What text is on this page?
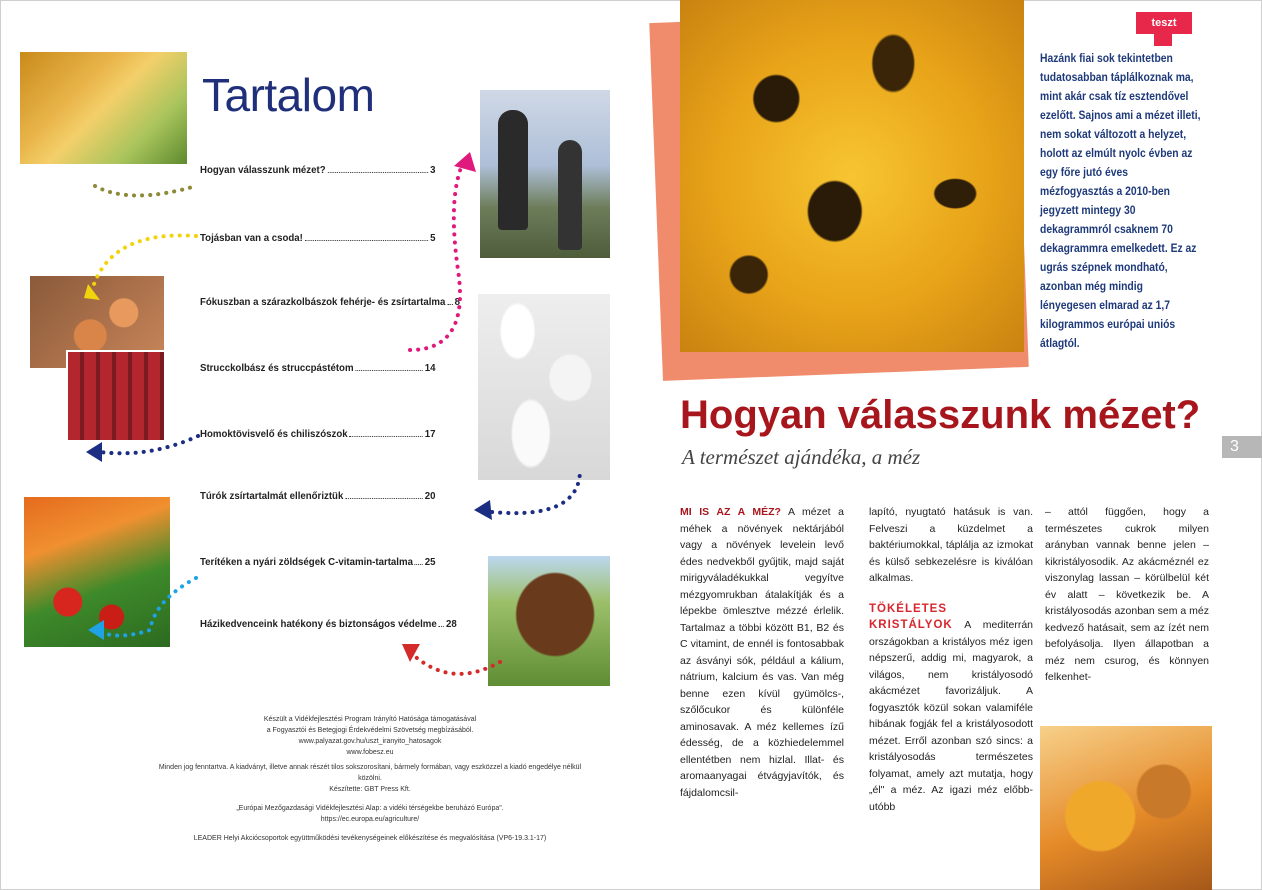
Tartalom
Hogyan válasszunk mézet?	3
Tojásban van a csoda!	5
Fókuszban a szárazkolbászok fehérje- és zsírtartalma 8
Strucckolbász és struccpástétom	14
Homoktövisvelő és chiliszószok	17
Túrók zsírtartalmát ellenőriztük	20
Terítéken a nyári zöldségek C-vitamin-tartalma 25
Házikedvenceink hatékony és biztonságos védelme 28
Készült a Vidékfejlesztési Program Irányító Hatósága támogatásával
a Fogyasztói és Betegjogi Érdekvédelmi Szövetség megbízásából.
www.palyazat.gov.hu/uszt_iranyito_hatosagok
www.fobesz.eu
Minden jog fenntartva. A kiadványt, illetve annak részét tilos sokszorosítani, bármely formában, vagy eszközzel a kiadó engedélye nélkül közölni.
Készítette: GBT Press Kft.
„Európai Mezőgazdasági Vidékfejlesztési Alap: a vidéki térségekbe beruházó Európa".
https://ec.europa.eu/agriculture/
LEADER Helyi Akciócsoportok együttműködési tevékenységeinek előkészítése és megvalósítása (VP6-19.3.1-17)
teszt
Hazánk fiai sok tekintetben tudatosabban táplálkoznak ma, mint akár csak tíz esztendővel ezelőtt. Sajnos ami a mézet illeti, nem sokat változott a helyzet, holott az elmúlt nyolc évben az egy főre jutó éves mézfogyasztás a 2010-ben jegyzett mintegy 30 dekagrammról csaknem 70 dekagrammra emelkedett. Ez az ugrás szépnek mondható, azonban még mindig lényegesen elmarad az 1,7 kilogrammos európai uniós átlagtól.
Hogyan válasszunk mézet?
A természet ajándéka, a méz	3

MI IS AZ A MÉZ? A mézet a méhek a növények nektárjából vagy a növények levelein levő édes nedvekből gyűjtik, majd saját mirigyváladékukkal vegyítve mézgyomrukban átalakítják és a lépekbe ömlesztve mézzé érlelik. Tartalmaz a többi között B1, B2 és C vitamint, de ennél is fontosabbak az ásványi sók, például a kálium, nátrium, kalcium és vas. Van még benne ezen kívül gyümölcs-, szőlőcukor és különféle aminosavak. A méz kellemes ízű édesség, de a közhiedelemmel ellentétben nem hizlal. Illat- és aromaanyagai étvágyjavítók, és fájdalomcsil-

lapító, nyugtató hatásuk is van. Felveszi a küzdelmet a baktériumokkal, táplálja az izmokat és külső sebkezelésre is kiválóan alkalmas.

TÖKÉLETES KRISTÁLYOK A mediterrán országokban a kristályos méz igen népszerű, addig mi, magyarok, a világos, nem kristályosodó akácmézet favorizáljuk. A fogyasztók közül sokan valamiféle hibának fogják fel a kristályosodott mézet. Erről azonban szó sincs: a kristályosodás természetes folyamat, amely azt mutatja, hogy „él" a méz. Az igazi méz előbb-utóbb

– attól függően, hogy a természetes cukrok milyen arányban vannak benne jelen – kikristályosodik. Az akácméznél ez viszonylag lassan – körülbelül két év alatt – következik be. A kristályosodás azonban sem a méz kedvező hatásait, sem az ízét nem befolyásolja. Ilyen állapotban a méz nem csurog, és könnyen felkenhet-
